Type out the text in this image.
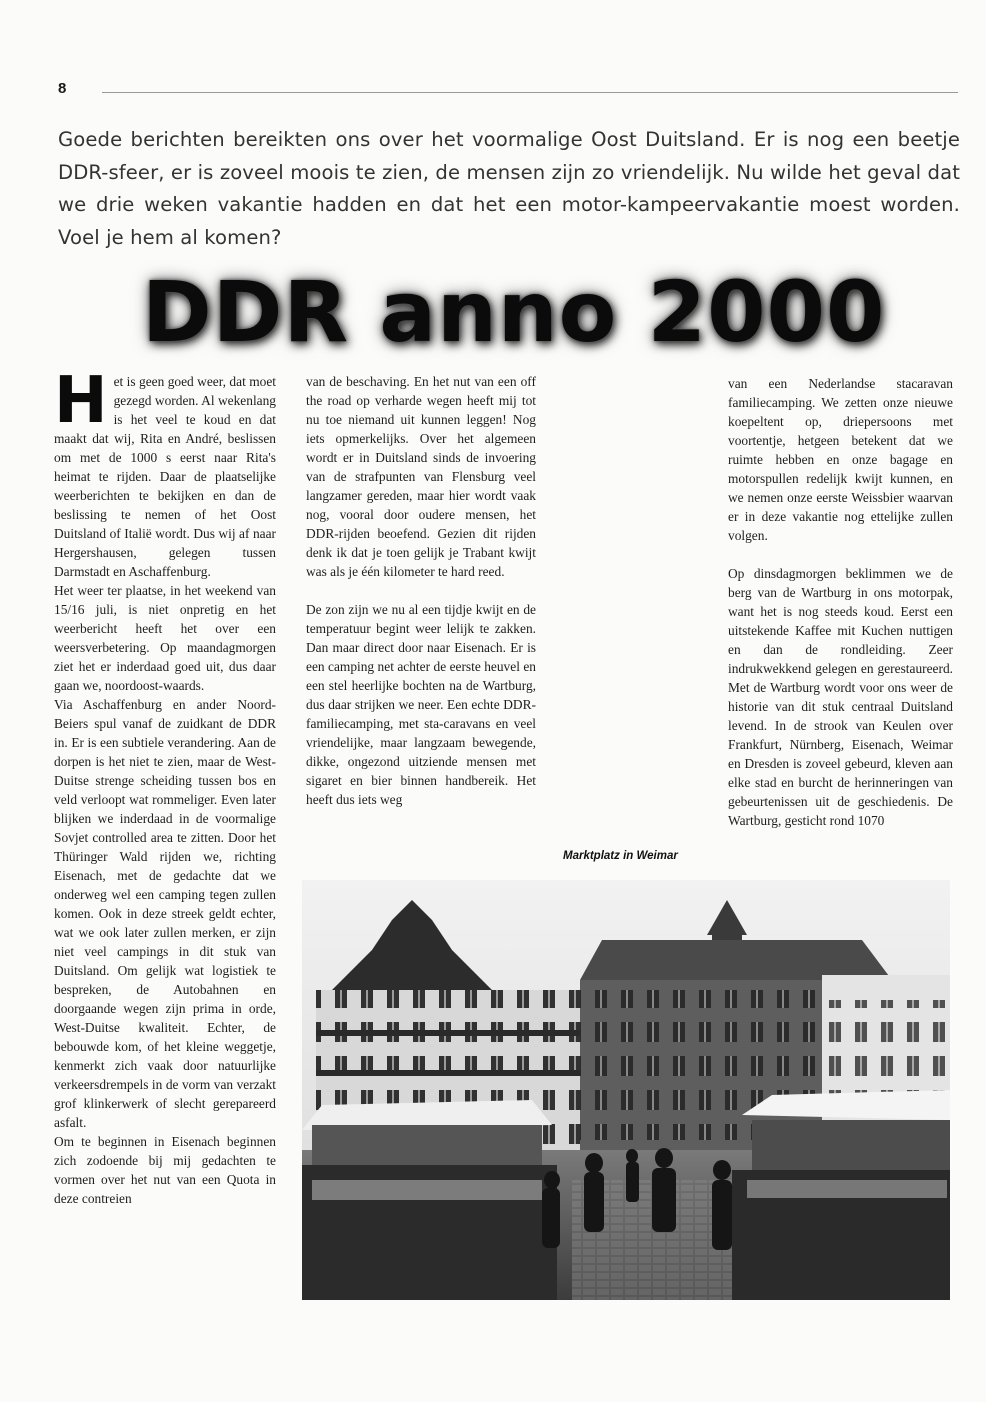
8

Goede berichten bereikten ons over het voormalige Oost Duitsland. Er is nog een beetje DDR-sfeer, er is zoveel moois te zien, de mensen zijn zo vriendelijk. Nu wilde het geval dat we drie weken vakantie hadden en dat het een motor-kampeervakantie moest worden. Voel je hem al komen?

DDR anno 2000
H et is geen goed weer, dat moet gezegd worden. Al wekenlang is het veel te koud en dat maakt dat wij, Rita en André, beslissen om met de 1000 s eerst naar Rita's heimat te rijden. Daar de plaatselijke weerberichten te bekijken en dan de beslissing te nemen of het Oost Duitsland of Italië wordt. Dus wij af naar Hergershausen, gelegen tussen Darmstadt en Aschaffenburg.

Het weer ter plaatse, in het weekend van 15/16 juli, is niet onpretig en het weerbericht heeft het over een weersverbetering. Op maandagmorgen ziet het er inderdaad goed uit, dus daar gaan we, noordoost-waards.

Via Aschaffenburg en ander Noord-Beiers spul vanaf de zuidkant de DDR in. Er is een subtiele verandering. Aan de dorpen is het niet te zien, maar de West-Duitse strenge scheiding tussen bos en veld verloopt wat rommeliger. Even later blijken we inderdaad in de voormalige Sovjet controlled area te zitten. Door het Thüringer Wald rijden we, richting Eisenach, met de gedachte dat we onderweg wel een camping tegen zullen komen. Ook in deze streek geldt echter, wat we ook later zullen merken, er zijn niet veel campings in dit stuk van Duitsland. Om gelijk wat logistiek te bespreken, de Autobahnen en doorgaande wegen zijn prima in orde, West-Duitse kwaliteit. Echter, de bebouwde kom, of het kleine weggetje, kenmerkt zich vaak door natuurlijke verkeersdrempels in de vorm van verzakt grof klinkerwerk of slecht gerepareerd asfalt.

Om te beginnen in Eisenach beginnen zich zodoende bij mij gedachten te vormen over het nut van een Quota in deze contreien

van de beschaving. En het nut van een off the road op verharde wegen heeft mij tot nu toe niemand uit kunnen leggen! Nog iets opmerkelijks. Over het algemeen wordt er in Duitsland sinds de invoering van de strafpunten van Flensburg veel langzamer gereden, maar hier wordt vaak nog, vooral door oudere mensen, het DDR-rijden beoefend. Gezien dit rijden denk ik dat je toen gelijk je Trabant kwijt was als je één kilometer te hard reed.

De zon zijn we nu al een tijdje kwijt en de temperatuur begint weer lelijk te zakken. Dan maar direct door naar Eisenach. Er is een camping net achter de eerste heuvel en een stel heerlijke bochten na de Wartburg, dus daar strijken we neer. Een echte DDR-familiecamping, met sta-caravans en veel vriendelijke, maar langzaam bewegende, dikke, ongezond uitziende mensen met sigaret en bier binnen handbereik. Het heeft dus iets weg

van een Nederlandse stacaravan familiecamping. We zetten onze nieuwe koepeltent op, driepersoons met voortentje, hetgeen betekent dat we ruimte hebben en onze bagage en motorspullen redelijk kwijt kunnen, en we nemen onze eerste Weissbier waarvan er in deze vakantie nog ettelijke zullen volgen.

Op dinsdagmorgen beklimmen we de berg van de Wartburg in ons motorpak, want het is nog steeds koud. Eerst een uitstekende Kaffee mit Kuchen nuttigen en dan de rondleiding. Zeer indrukwekkend gelegen en gerestaureerd. Met de Wartburg wordt voor ons weer de historie van dit stuk centraal Duitsland levend. In de strook van Keulen over Frankfurt, Nürnberg, Eisenach, Weimar en Dresden is zoveel gebeurd, kleven aan elke stad en burcht de herinneringen van gebeurtenissen uit de geschiedenis. De Wartburg, gesticht rond 1070

Marktplatz in Weimar
